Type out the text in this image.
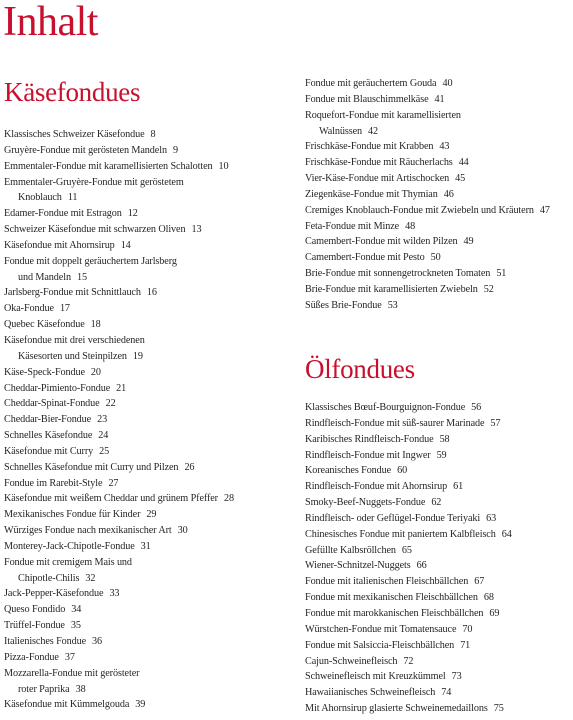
Inhalt
Käsefondues
Klassisches Schweizer Käsefondue 8
Gruyère-Fondue mit gerösteten Mandeln 9
Emmentaler-Fondue mit karamellisierten Schalotten 10
Emmentaler-Gruyère-Fondue mit geröstetem
Knoblauch 11
Edamer-Fondue mit Estragon 12
Schweizer Käsefondue mit schwarzen Oliven 13
Käsefondue mit Ahornsirup 14
Fondue mit doppelt geräuchertem Jarlsberg
und Mandeln 15
Jarlsberg-Fondue mit Schnittlauch 16
Oka-Fondue 17
Quebec Käsefondue 18
Käsefondue mit drei verschiedenen
Käsesorten und Steinpilzen 19
Käse-Speck-Fondue 20
Cheddar-Pimiento-Fondue 21
Cheddar-Spinat-Fondue 22
Cheddar-Bier-Fondue 23
Schnelles Käsefondue 24
Käsefondue mit Curry 25
Schnelles Käsefondue mit Curry und Pilzen 26
Fondue im Rarebit-Style 27
Käsefondue mit weißem Cheddar und grünem Pfeffer 28
Mexikanisches Fondue für Kinder 29
Würziges Fondue nach mexikanischer Art 30
Monterey-Jack-Chipotle-Fondue 31
Fondue mit cremigem Mais und
Chipotle-Chilis 32
Jack-Pepper-Käsefondue 33
Queso Fondido 34
Trüffel-Fondue 35
Italienisches Fondue 36
Pizza-Fondue 37
Mozzarella-Fondue mit gerösteter
roter Paprika 38
Käsefondue mit Kümmelgouda 39
Fondue mit geräuchertem Gouda 40
Fondue mit Blauschimmelkäse 41
Roquefort-Fondue mit karamellisierten
Walnüssen 42
Frischkäse-Fondue mit Krabben 43
Frischkäse-Fondue mit Räucherlachs 44
Vier-Käse-Fondue mit Artischocken 45
Ziegenkäse-Fondue mit Thymian 46
Cremiges Knoblauch-Fondue mit Zwiebeln und Kräutern 47
Feta-Fondue mit Minze 48
Camembert-Fondue mit wilden Pilzen 49
Camembert-Fondue mit Pesto 50
Brie-Fondue mit sonnengetrockneten Tomaten 51
Brie-Fondue mit karamellisierten Zwiebeln 52
Süßes Brie-Fondue 53
Ölfondues
Klassisches Bœuf-Bourguignon-Fondue 56
Rindfleisch-Fondue mit süß-saurer Marinade 57
Karibisches Rindfleisch-Fondue 58
Rindfleisch-Fondue mit Ingwer 59
Koreanisches Fondue 60
Rindfleisch-Fondue mit Ahornsirup 61
Smoky-Beef-Nuggets-Fondue 62
Rindfleisch- oder Geflügel-Fondue Teriyaki 63
Chinesisches Fondue mit paniertem Kalbfleisch 64
Gefüllte Kalbsröllchen 65
Wiener-Schnitzel-Nuggets 66
Fondue mit italienischen Fleischbällchen 67
Fondue mit mexikanischen Fleischbällchen 68
Fondue mit marokkanischen Fleischbällchen 69
Würstchen-Fondue mit Tomatensauce 70
Fondue mit Salsiccia-Fleischbällchen 71
Cajun-Schweinefleisch 72
Schweinefleisch mit Kreuzkümmel 73
Hawaiianisches Schweinefleisch 74
Mit Ahornsirup glasierte Schweinemedaillons 75
